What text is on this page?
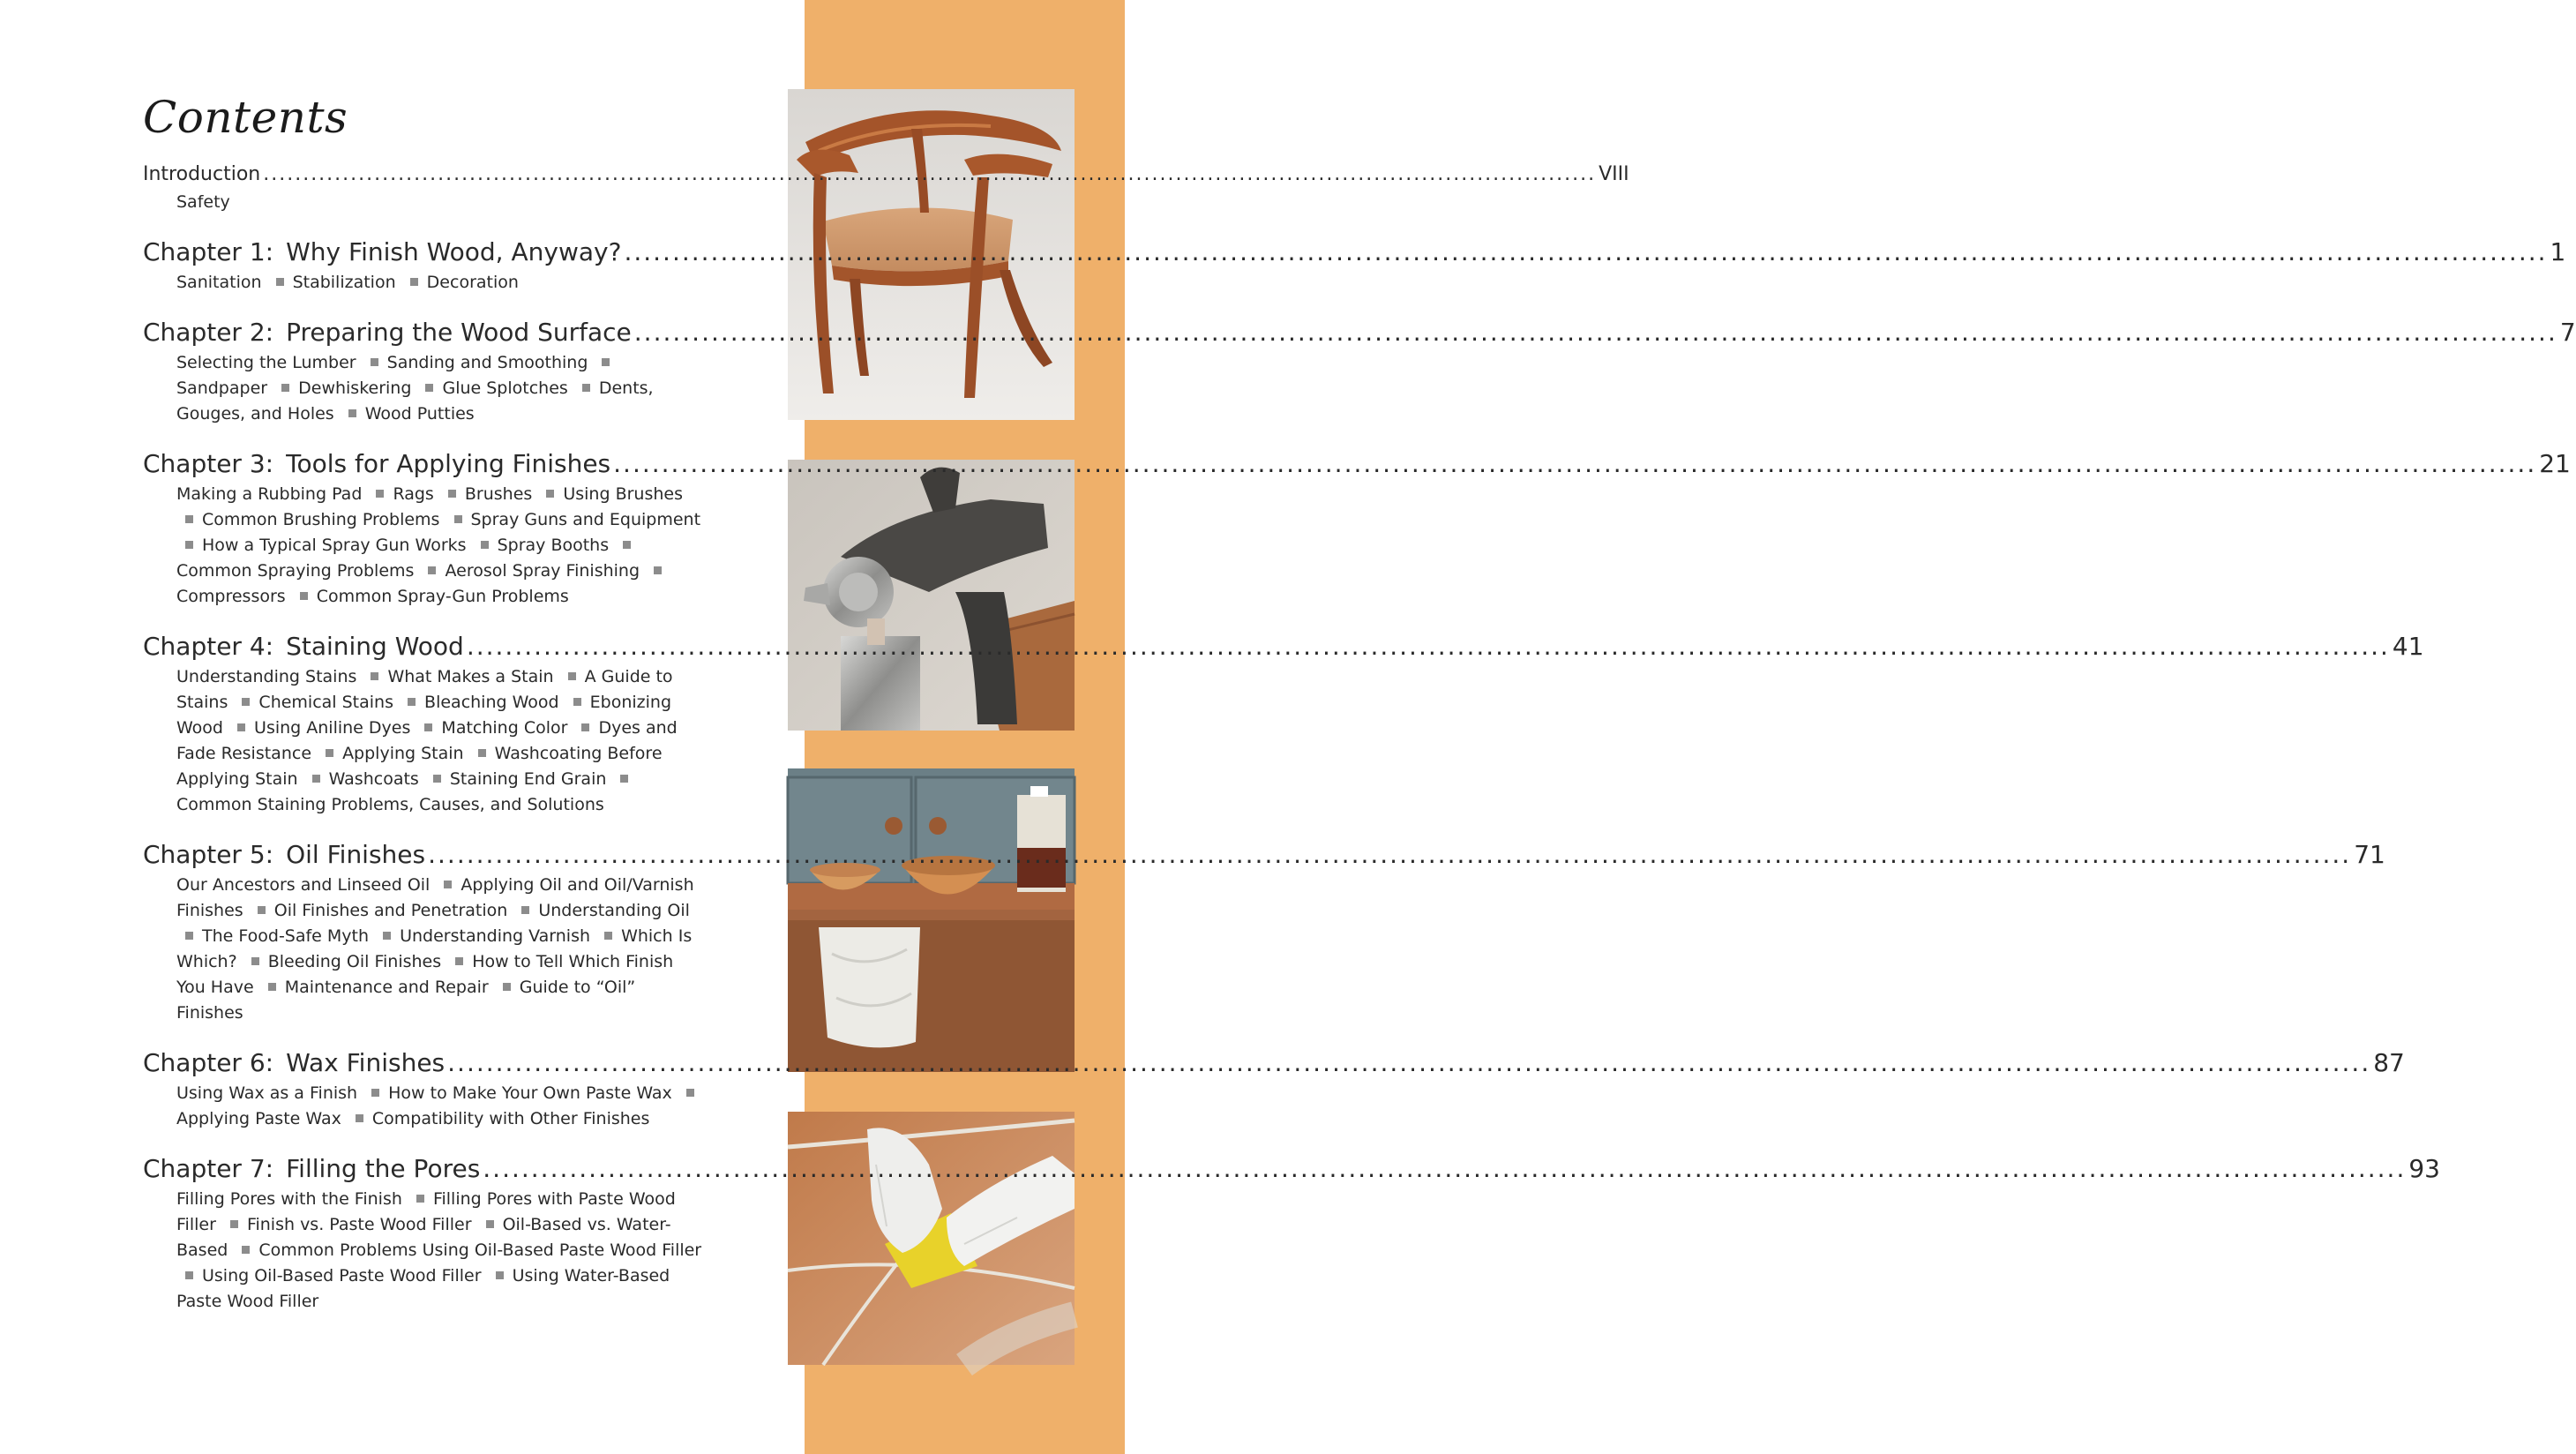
Contents
Introduction ........................................................................................................................................................................ VIII
Safety
Chapter 1: Why Finish Wood, Anyway? ........................................................................................................................................................................................................ 1
Sanitation Stabilization Decoration
Chapter 2: Preparing the Wood Surface ........................................................................................................................................................................................................ 7
Selecting the Lumber Sanding and Smoothing Sandpaper Dewhiskering Glue Splotches Dents, Gouges, and Holes Wood Putties
Chapter 3: Tools for Applying Finishes ........................................................................................................................................................................................................ 21
Making a Rubbing Pad Rags Brushes Using Brushes Common Brushing Problems Spray Guns and Equipment How a Typical Spray Gun Works Spray Booths Common Spraying Problems Aerosol Spray Finishing Compressors Common Spray-Gun Problems
Chapter 4: Staining Wood ........................................................................................................................................................................................................ 41
Understanding Stains What Makes a Stain A Guide to Stains Chemical Stains Bleaching Wood Ebonizing Wood Using Aniline Dyes Matching Color Dyes and Fade Resistance Applying Stain Washcoating Before Applying Stain Washcoats Staining End Grain Common Staining Problems, Causes, and Solutions
Chapter 5: Oil Finishes ........................................................................................................................................................................................................ 71
Our Ancestors and Linseed Oil Applying Oil and Oil/Varnish Finishes Oil Finishes and Penetration Understanding Oil The Food-Safe Myth Understanding Varnish Which Is Which? Bleeding Oil Finishes How to Tell Which Finish You Have Maintenance and Repair Guide to “Oil” Finishes
Chapter 6: Wax Finishes ........................................................................................................................................................................................................ 87
Using Wax as a Finish How to Make Your Own Paste Wax Applying Paste Wax Compatibility with Other Finishes
Chapter 7: Filling the Pores ........................................................................................................................................................................................................ 93
Filling Pores with the Finish Filling Pores with Paste Wood Filler Finish vs. Paste Wood Filler Oil-Based vs. Water-Based Common Problems Using Oil-Based Paste Wood Filler Using Oil-Based Paste Wood Filler Using Water-Based Paste Wood Filler
